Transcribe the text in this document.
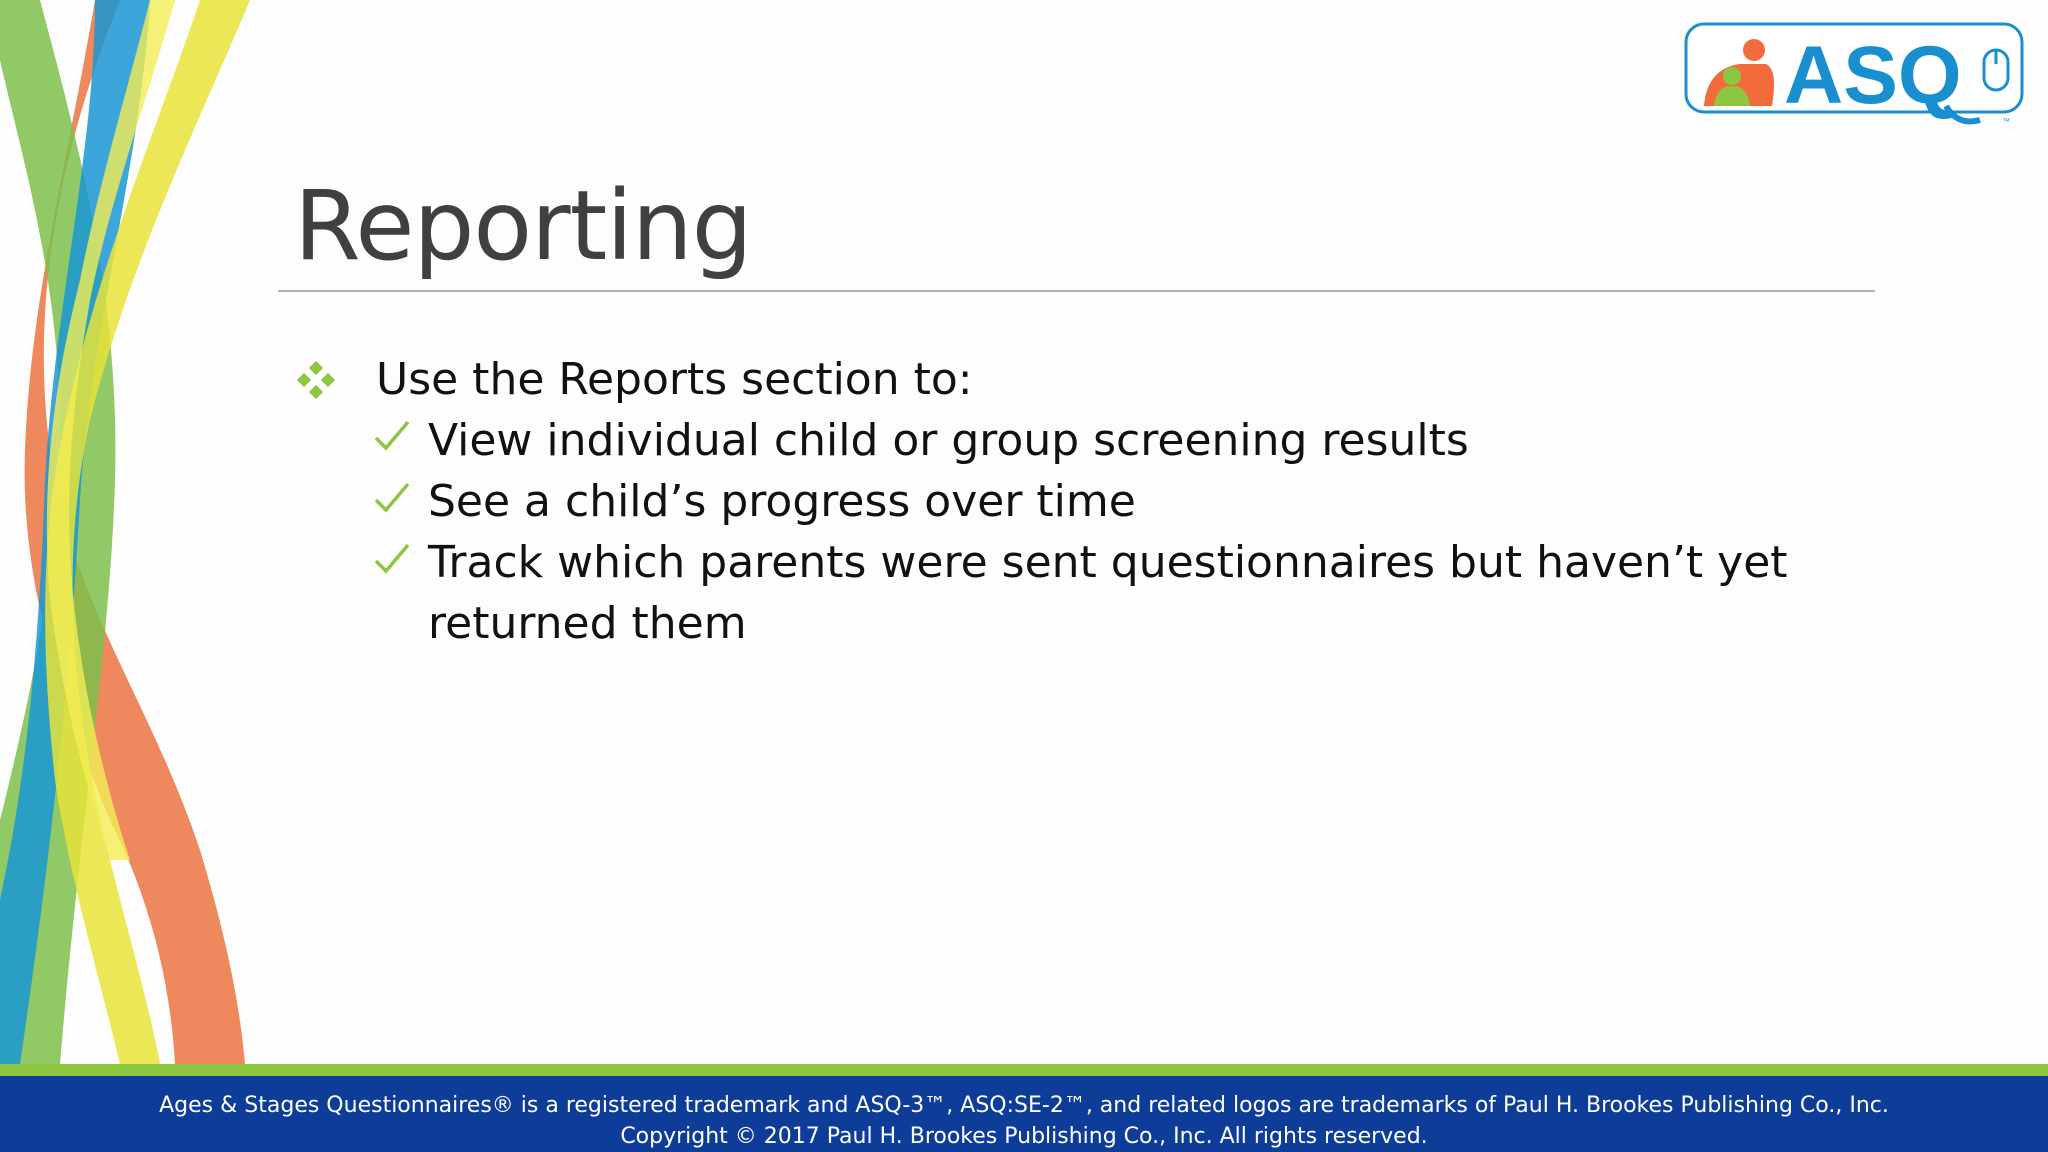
ASQ
™
Reporting
Use the Reports section to:
View individual child or group screening results
See a child’s progress over time
Track which parents were sent questionnaires but haven’t yet
returned them
Ages & Stages Questionnaires® is a registered trademark and ASQ-3™, ASQ:SE-2™, and related logos are trademarks of Paul H. Brookes Publishing Co., Inc.
Copyright © 2017 Paul H. Brookes Publishing Co., Inc. All rights reserved.
